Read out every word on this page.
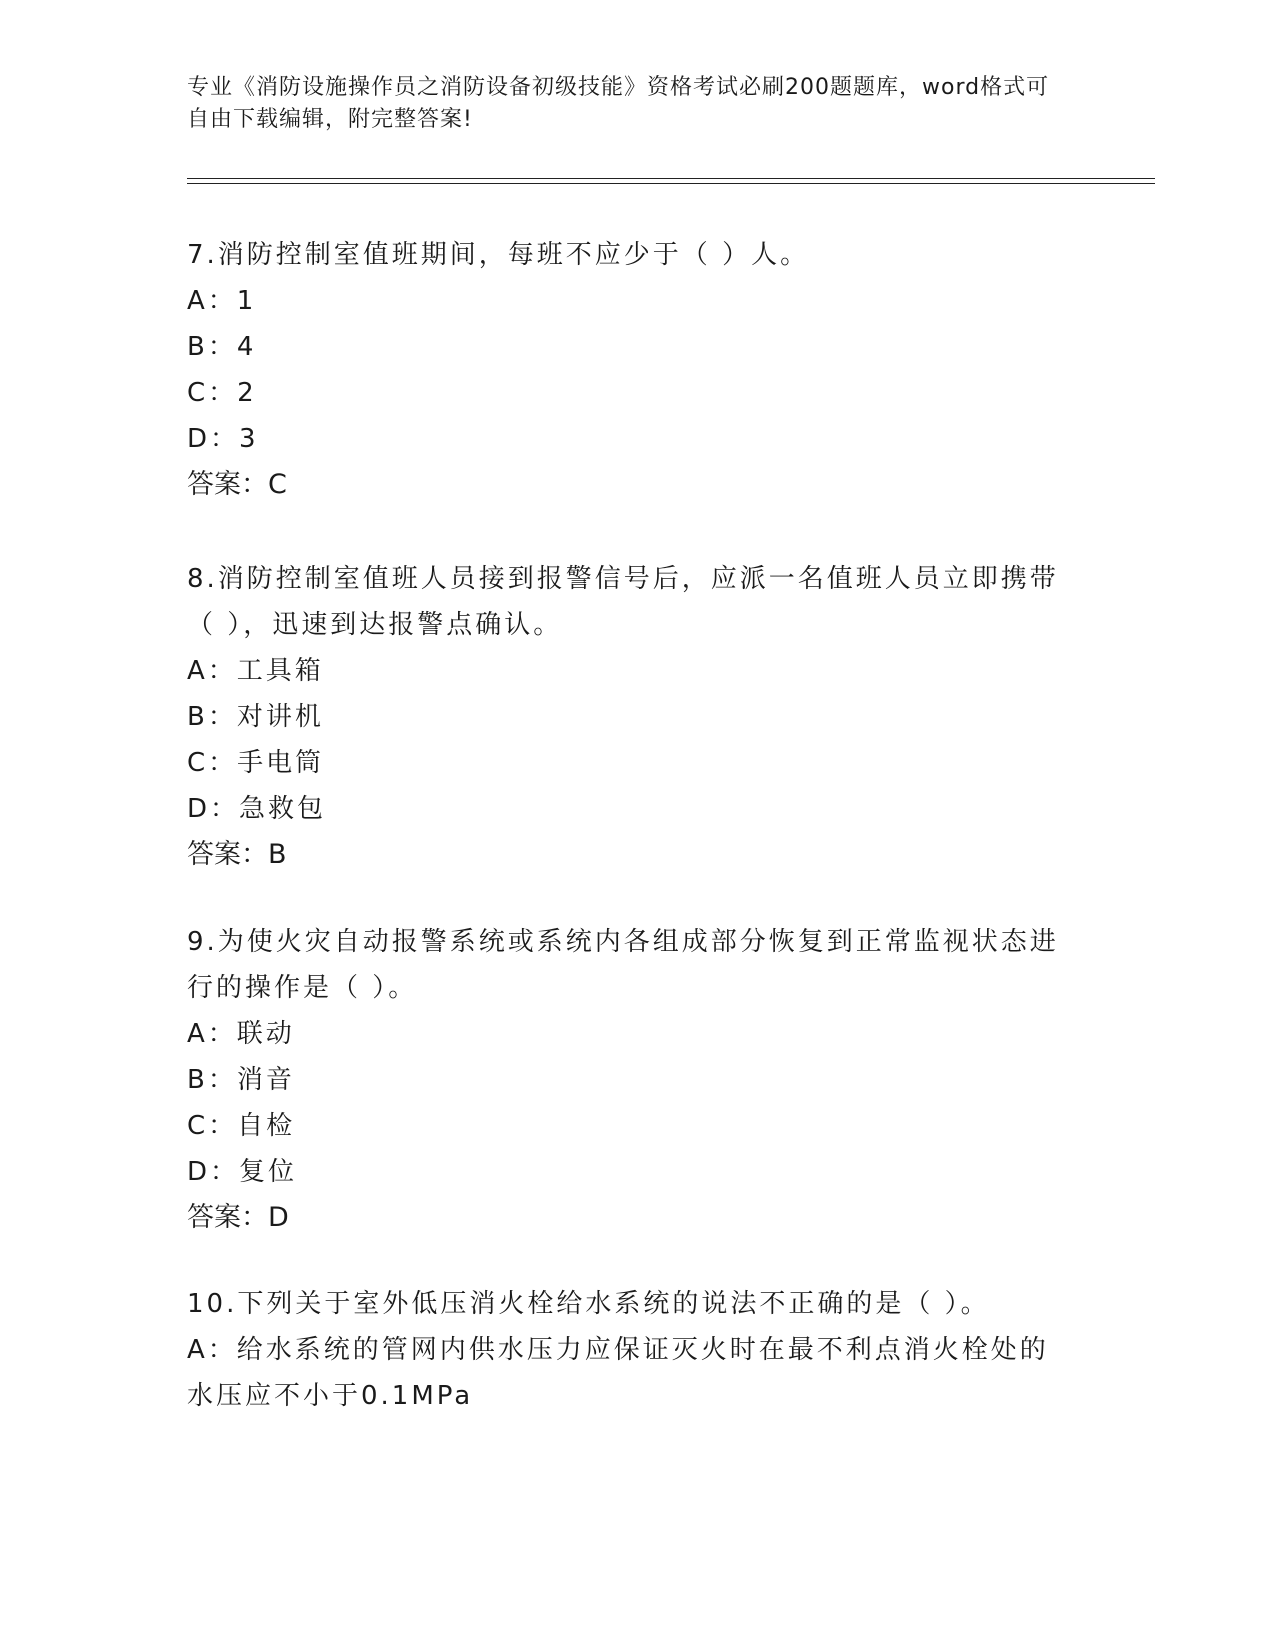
专业《消防设施操作员之消防设备初级技能》资格考试必刷200题题库，word格式可自由下载编辑，附完整答案!

7.消防控制室值班期间，每班不应少于（ ）人。

A：1

B：4

C：2

D：3

答案：C

8.消防控制室值班人员接到报警信号后，应派一名值班人员立即携带（ ），迅速到达报警点确认。

A：工具箱

B：对讲机

C：手电筒

D：急救包

答案：B

9.为使火灾自动报警系统或系统内各组成部分恢复到正常监视状态进行的操作是（ ）。

A：联动

B：消音

C：自检

D：复位

答案：D

10.下列关于室外低压消火栓给水系统的说法不正确的是（ ）。

A：给水系统的管网内供水压力应保证灭火时在最不利点消火栓处的水压应不小于0.1MPa
